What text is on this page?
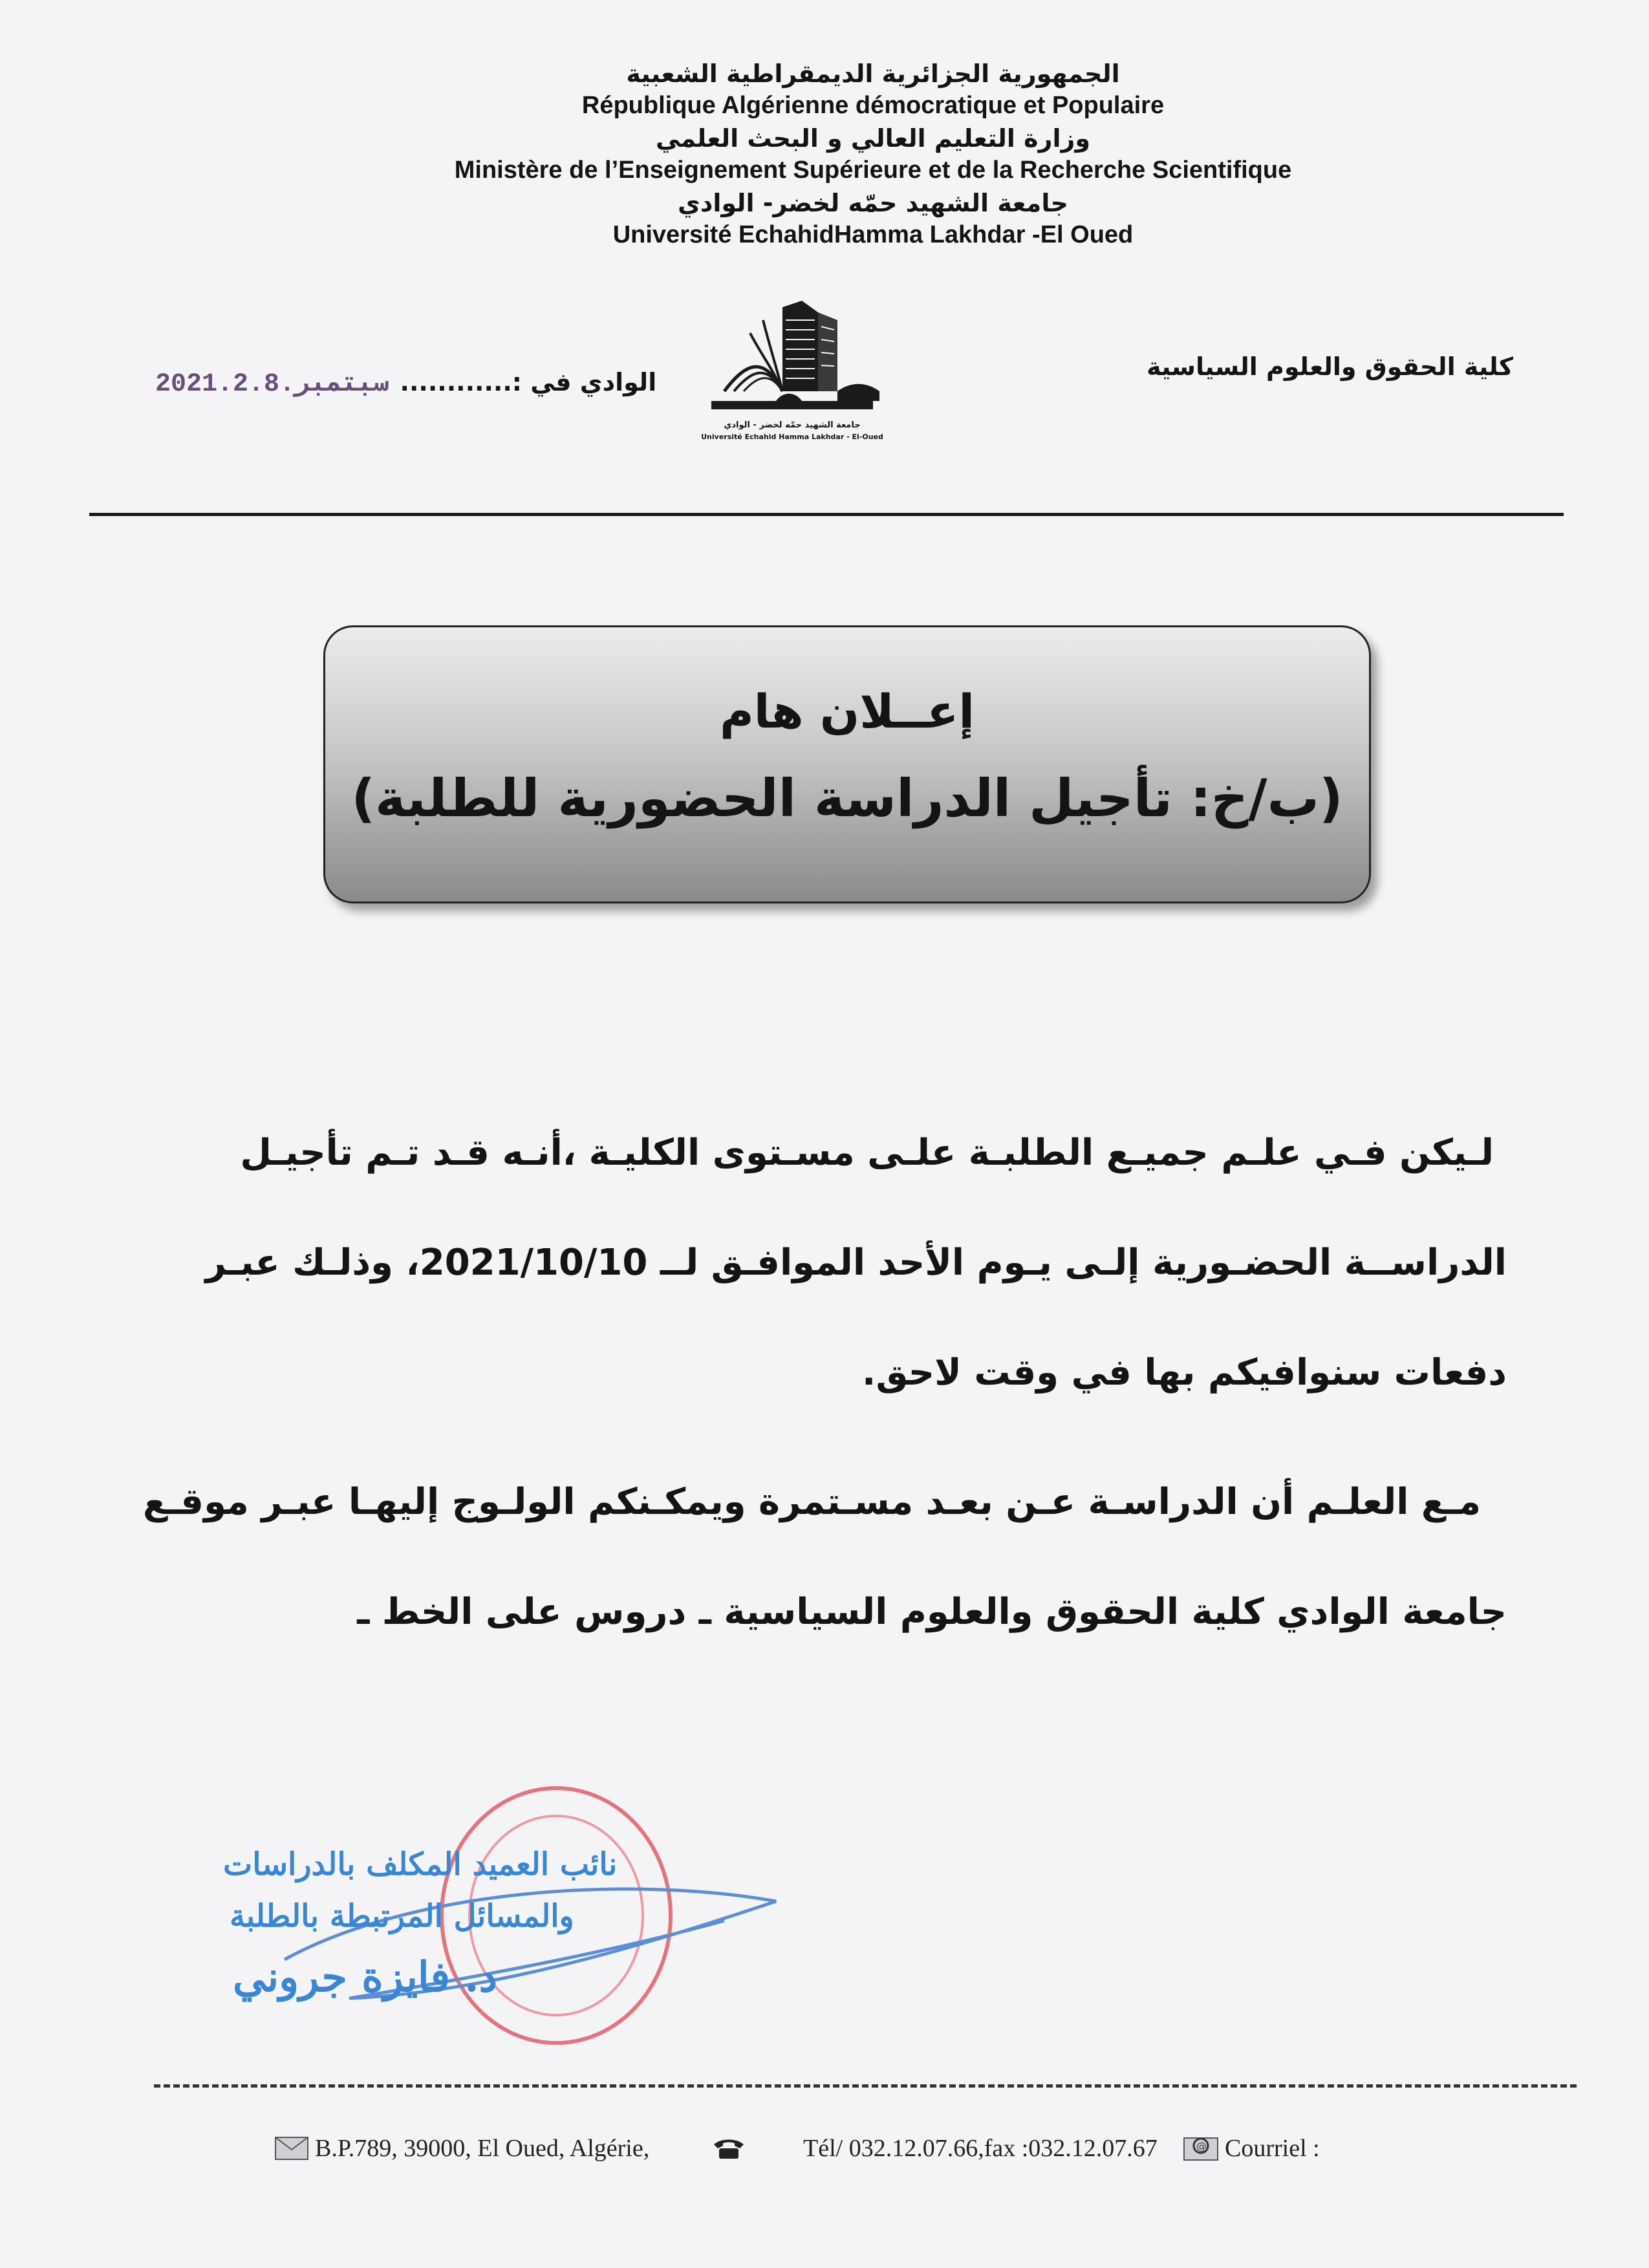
الجمهورية الجزائرية الديمقراطية الشعبية
République Algérienne démocratique et Populaire
وزارة التعليم العالي و البحث العلمي
Ministère de l’Enseignement Supérieure et de la Recherche Scientifique
جامعة الشهيد حمّه لخضر- الوادي
Université EchahidHamma Lakhdar -El Oued
كلية الحقوق والعلوم السياسية
الوادي في :............
2021.سبتمبر.2.8
جامعة الشهيد حمّه لخضر - الوادي
Université Echahid Hamma Lakhdar - El-Oued
إعــلان هام
(ب/خ: تأجيل الدراسة الحضورية للطلبة)
لـيكن فـي علـم جميـع الطلبـة علـى مسـتوى الكليـة ،أنـه قـد تـم تأجيـل
الدراســة الحضـورية إلـى يـوم الأحد الموافـق لــ 2021/10/10، وذلـك عبـر
دفعات سنوافيكم بها في وقت لاحق.
مـع العلـم أن الدراسـة عـن بعـد مسـتمرة ويمكـنكم الولـوج إليهـا عبـر موقـع
جامعة الوادي كلية الحقوق والعلوم السياسية ـ دروس على الخط ـ
نائب العميد المكلف بالدراسات
والمسائل المرتبطة بالطلبة
د. فايزة جروني
B.P.789, 39000, El Oued, Algérie,	Tél/ 032.12.07.66,fax :032.12.07.67	@ Courriel :
